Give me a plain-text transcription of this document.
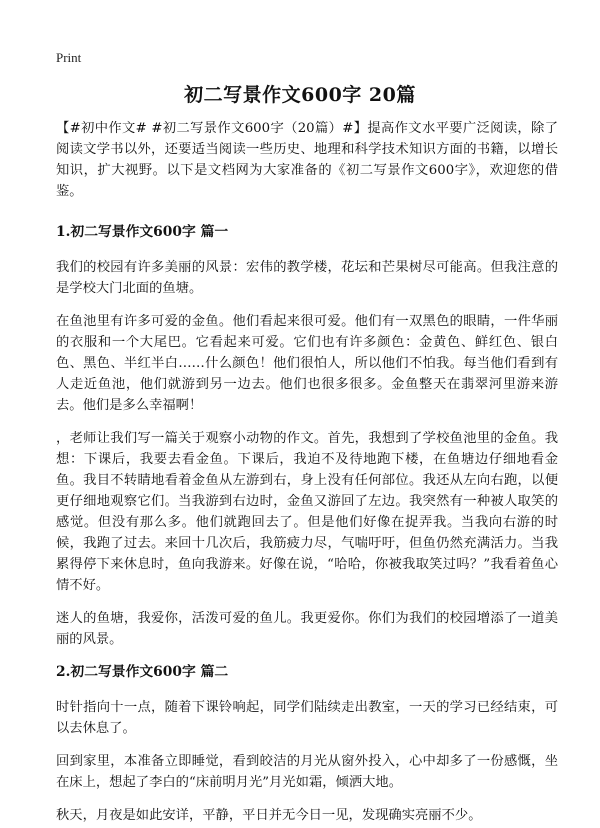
Print
初二写景作文600字 20篇

【#初中作文# #初二写景作文600字（20篇）#】提高作文水平要广泛阅读，除了阅读文学书以外，还要适当阅读一些历史、地理和科学技术知识方面的书籍，以增长知识，扩大视野。以下是文档网为大家准备的《初二写景作文600字》，欢迎您的借鉴。

1.初二写景作文600字 篇一

我们的校园有许多美丽的风景：宏伟的教学楼，花坛和芒果树尽可能高。但我注意的是学校大门北面的鱼塘。

在鱼池里有许多可爱的金鱼。他们看起来很可爱。他们有一双黑色的眼睛，一件华丽的衣服和一个大尾巴。它看起来可爱。它们也有许多颜色：金黄色、鲜红色、银白色、黑色、半红半白……什么颜色！他们很怕人，所以他们不怕我。每当他们看到有人走近鱼池，他们就游到另一边去。他们也很多很多。金鱼整天在翡翠河里游来游去。他们是多么幸福啊！

，老师让我们写一篇关于观察小动物的作文。首先，我想到了学校鱼池里的金鱼。我想：下课后，我要去看金鱼。下课后，我迫不及待地跑下楼，在鱼塘边仔细地看金鱼。我目不转睛地看着金鱼从左游到右，身上没有任何部位。我还从左向右跑，以便更仔细地观察它们。当我游到右边时，金鱼又游回了左边。我突然有一种被人取笑的感觉。但没有那么多。他们就跑回去了。但是他们好像在捉弄我。当我向右游的时候，我跑了过去。来回十几次后，我筋疲力尽，气喘吁吁，但鱼仍然充满活力。当我累得停下来休息时，鱼向我游来。好像在说，“哈哈，你被我取笑过吗？”我看着鱼心情不好。

迷人的鱼塘，我爱你，活泼可爱的鱼儿。我更爱你。你们为我们的校园增添了一道美丽的风景。

2.初二写景作文600字 篇二

时针指向十一点，随着下课铃响起，同学们陆续走出教室，一天的学习已经结束，可以去休息了。

回到家里，本准备立即睡觉，看到皎洁的月光从窗外投入，心中却多了一份感慨，坐在床上，想起了李白的“床前明月光”月光如霜，倾洒大地。

秋天，月夜是如此安详，平静，平日并无今日一见，发现确实亮丽不少。
